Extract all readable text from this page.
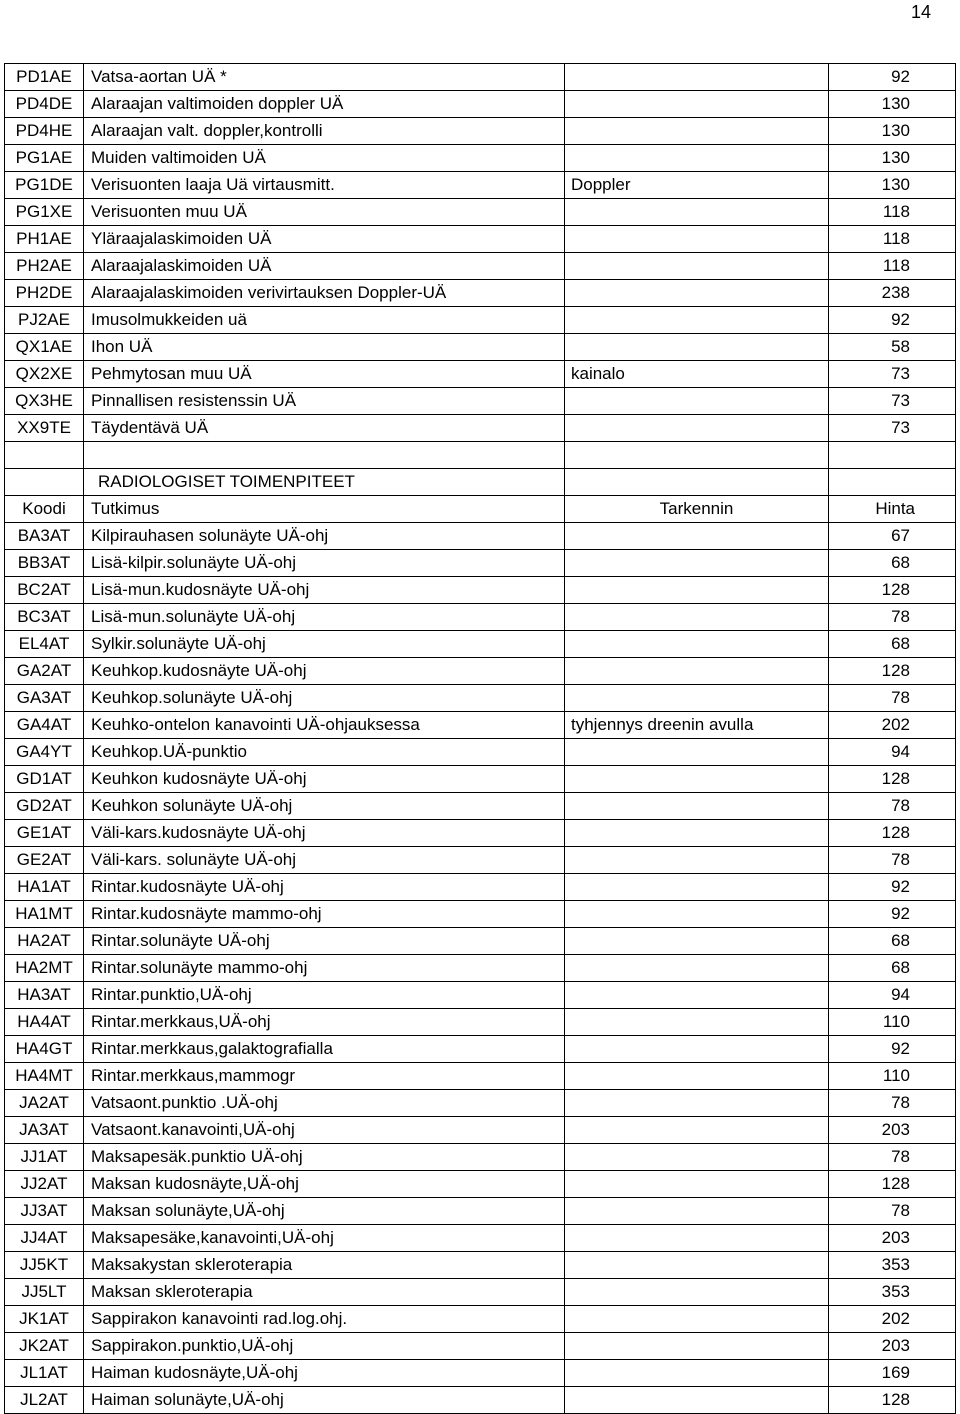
14
PD1AE	Vatsa-aortan UÄ *		92
PD4DE	Alaraajan valtimoiden doppler UÄ		130
PD4HE	Alaraajan valt. doppler,kontrolli		130
PG1AE	Muiden valtimoiden UÄ		130
PG1DE	Verisuonten laaja Uä virtausmitt.	Doppler	130
PG1XE	Verisuonten muu UÄ		118
PH1AE	Yläraajalaskimoiden UÄ		118
PH2AE	Alaraajalaskimoiden UÄ		118
PH2DE	Alaraajalaskimoiden verivirtauksen Doppler-UÄ		238
PJ2AE	Imusolmukkeiden uä		92
QX1AE	Ihon UÄ		58
QX2XE	Pehmytosan muu UÄ	kainalo	73
QX3HE	Pinnallisen resistenssin UÄ		73
XX9TE	Täydentävä UÄ		73

	RADIOLOGISET TOIMENPITEET		
Koodi	Tutkimus	Tarkennin	Hinta
BA3AT	Kilpirauhasen solunäyte UÄ-ohj		67
BB3AT	Lisä-kilpir.solunäyte UÄ-ohj		68
BC2AT	Lisä-mun.kudosnäyte UÄ-ohj		128
BC3AT	Lisä-mun.solunäyte UÄ-ohj		78
EL4AT	Sylkir.solunäyte UÄ-ohj		68
GA2AT	Keuhkop.kudosnäyte UÄ-ohj		128
GA3AT	Keuhkop.solunäyte UÄ-ohj		78
GA4AT	Keuhko-ontelon kanavointi UÄ-ohjauksessa	tyhjennys dreenin avulla	202
GA4YT	Keuhkop.UÄ-punktio		94
GD1AT	Keuhkon kudosnäyte UÄ-ohj		128
GD2AT	Keuhkon solunäyte UÄ-ohj		78
GE1AT	Väli-kars.kudosnäyte UÄ-ohj		128
GE2AT	Väli-kars. solunäyte UÄ-ohj		78
HA1AT	Rintar.kudosnäyte UÄ-ohj		92
HA1MT	Rintar.kudosnäyte mammo-ohj		92
HA2AT	Rintar.solunäyte UÄ-ohj		68
HA2MT	Rintar.solunäyte mammo-ohj		68
HA3AT	Rintar.punktio,UÄ-ohj		94
HA4AT	Rintar.merkkaus,UÄ-ohj		110
HA4GT	Rintar.merkkaus,galaktografialla		92
HA4MT	Rintar.merkkaus,mammogr		110
JA2AT	Vatsaont.punktio .UÄ-ohj		78
JA3AT	Vatsaont.kanavointi,UÄ-ohj		203
JJ1AT	Maksapesäk.punktio UÄ-ohj		78
JJ2AT	Maksan kudosnäyte,UÄ-ohj		128
JJ3AT	Maksan solunäyte,UÄ-ohj		78
JJ4AT	Maksapesäke,kanavointi,UÄ-ohj		203
JJ5KT	Maksakystan skleroterapia		353
JJ5LT	Maksan skleroterapia		353
JK1AT	Sappirakon kanavointi rad.log.ohj.		202
JK2AT	Sappirakon.punktio,UÄ-ohj		203
JL1AT	Haiman kudosnäyte,UÄ-ohj		169
JL2AT	Haiman solunäyte,UÄ-ohj		128
